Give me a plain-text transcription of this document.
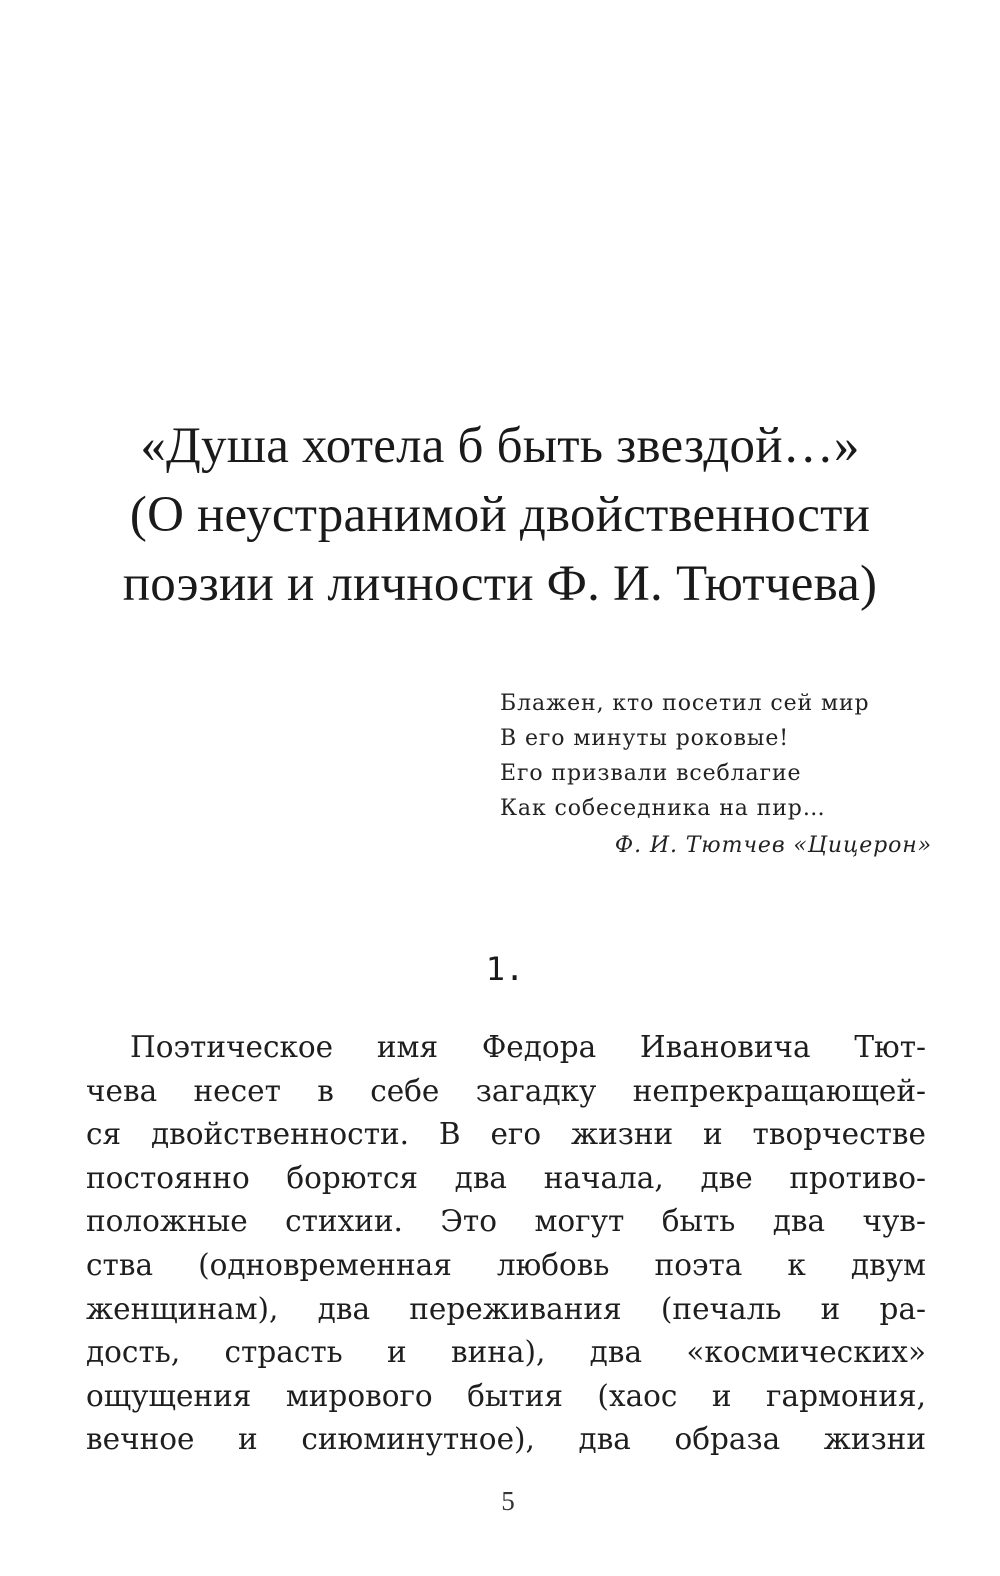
«Душа хотела б быть звездой…»
(О неустранимой двойственности
поэзии и личности Ф. И. Тютчева)
Блажен, кто посетил сей мир
В его минуты роковые!
Его призвали всеблагие
Как собеседника на пир…
Ф. И. Тютчев «Цицерон»
1.
Поэтическое имя Федора Ивановича Тют-
чева несет в себе загадку непрекращающей-
ся двойственности. В его жизни и творчестве
постоянно борются два начала, две противо-
положные стихии. Это могут быть два чув-
ства (одновременная любовь поэта к двум
женщинам), два переживания (печаль и ра-
дость, страсть и вина), два «космических»
ощущения мирового бытия (хаос и гармония,
вечное и сиюминутное), два образа жизни
5
